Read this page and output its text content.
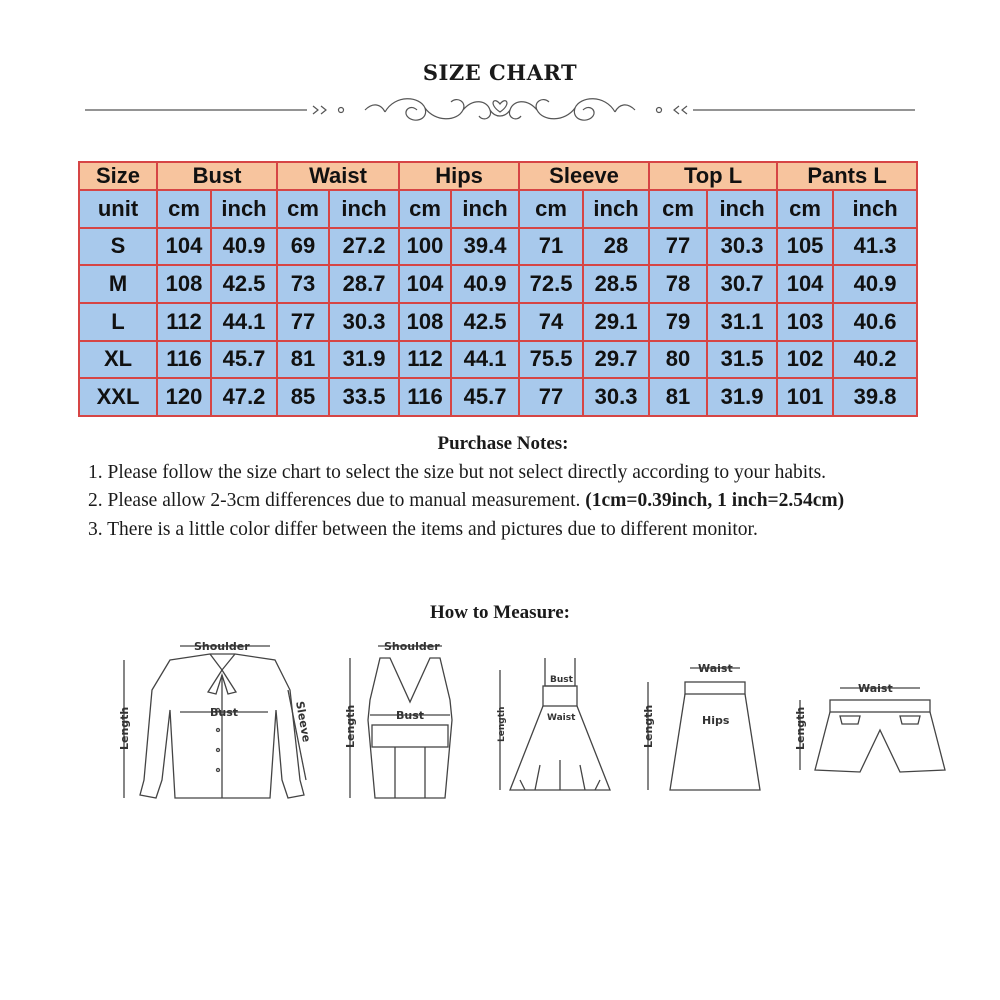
SIZE CHART
Size	Bust		Waist		Hips		Sleeve		Top L		Pants L	
unit	cm	inch	cm	inch	cm	inch	cm	inch	cm	inch	cm	inch
S	104	40.9	69	27.2	100	39.4	71	28	77	30.3	105	41.3
M	108	42.5	73	28.7	104	40.9	72.5	28.5	78	30.7	104	40.9
L	112	44.1	77	30.3	108	42.5	74	29.1	79	31.1	103	40.6
XL	116	45.7	81	31.9	112	44.1	75.5	29.7	80	31.5	102	40.2
XXL	120	47.2	85	33.5	116	45.7	77	30.3	81	31.9	101	39.8
Purchase Notes:

1. Please follow the size chart to select the size but not select directly according to your habits.

2. Please allow 2-3cm differences due to manual measurement. (1cm=0.39inch, 1 inch=2.54cm)

3. There is a little color differ between the items and pictures due to different monitor.

How to Measure:
Shoulder
Bust
Length	Sleeve
Shoulder
Bust
Length
Bust
Waist
Length
Waist
Hips
Length
Waist
Length
